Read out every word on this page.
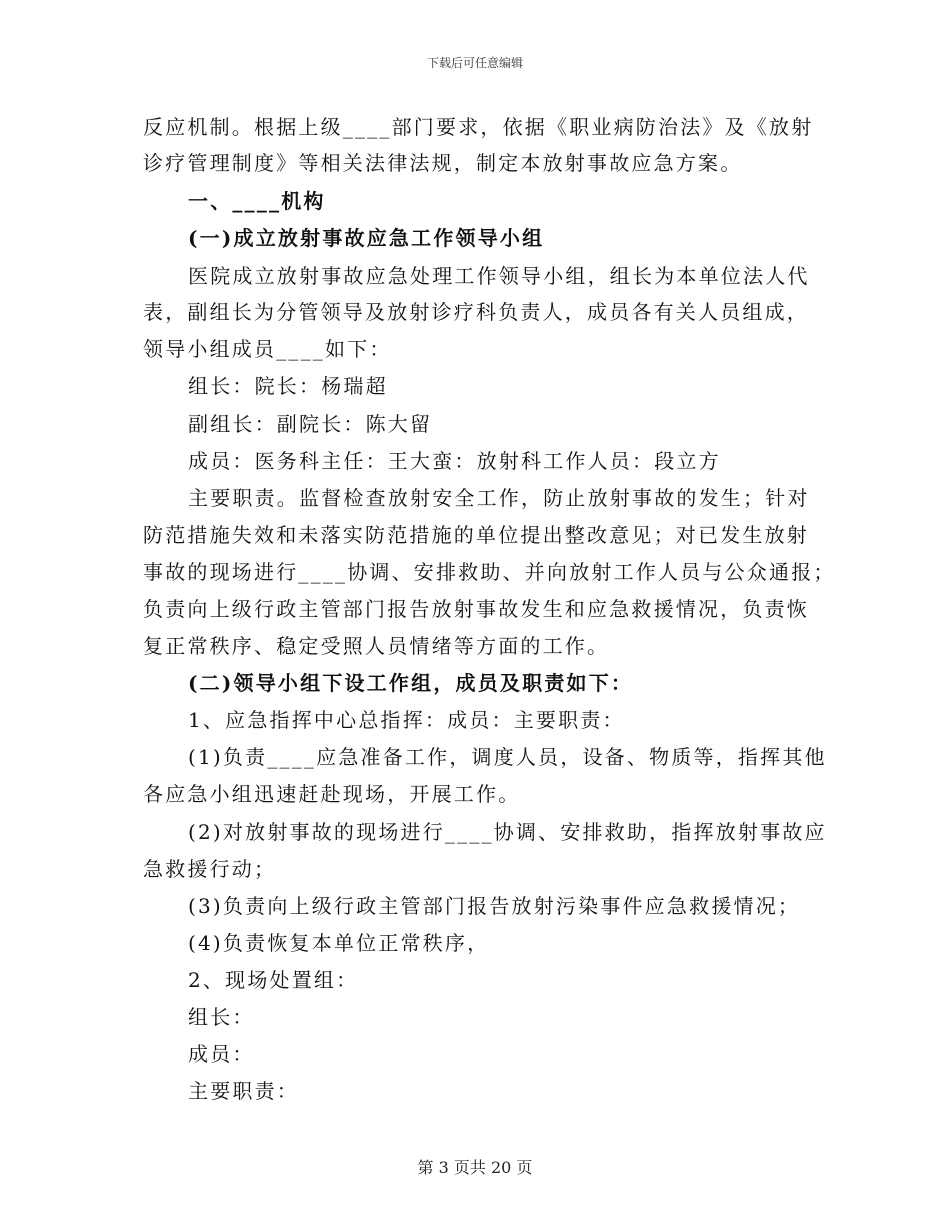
下载后可任意编辑
反应机制。根据上级____部门要求，依据《职业病防治法》及《放射
诊疗管理制度》等相关法律法规，制定本放射事故应急方案。
一、____机构
(一)成立放射事故应急工作领导小组
医院成立放射事故应急处理工作领导小组，组长为本单位法人代
表，副组长为分管领导及放射诊疗科负责人，成员各有关人员组成，
领导小组成员____如下：
组长：院长：杨瑞超
副组长：副院长：陈大留
成员：医务科主任：王大蛮：放射科工作人员：段立方
主要职责。监督检查放射安全工作，防止放射事故的发生；针对
防范措施失效和未落实防范措施的单位提出整改意见；对已发生放射
事故的现场进行____协调、安排救助、并向放射工作人员与公众通报；
负责向上级行政主管部门报告放射事故发生和应急救援情况，负责恢
复正常秩序、稳定受照人员情绪等方面的工作。
(二)领导小组下设工作组，成员及职责如下：
1、应急指挥中心总指挥：成员：主要职责：
(1)负责____应急准备工作，调度人员，设备、物质等，指挥其他
各应急小组迅速赶赴现场，开展工作。
(2)对放射事故的现场进行____协调、安排救助，指挥放射事故应
急救援行动；
(3)负责向上级行政主管部门报告放射污染事件应急救援情况；
(4)负责恢复本单位正常秩序，
2、现场处置组：
组长：
成员：
主要职责：
第 3 页共 20 页
